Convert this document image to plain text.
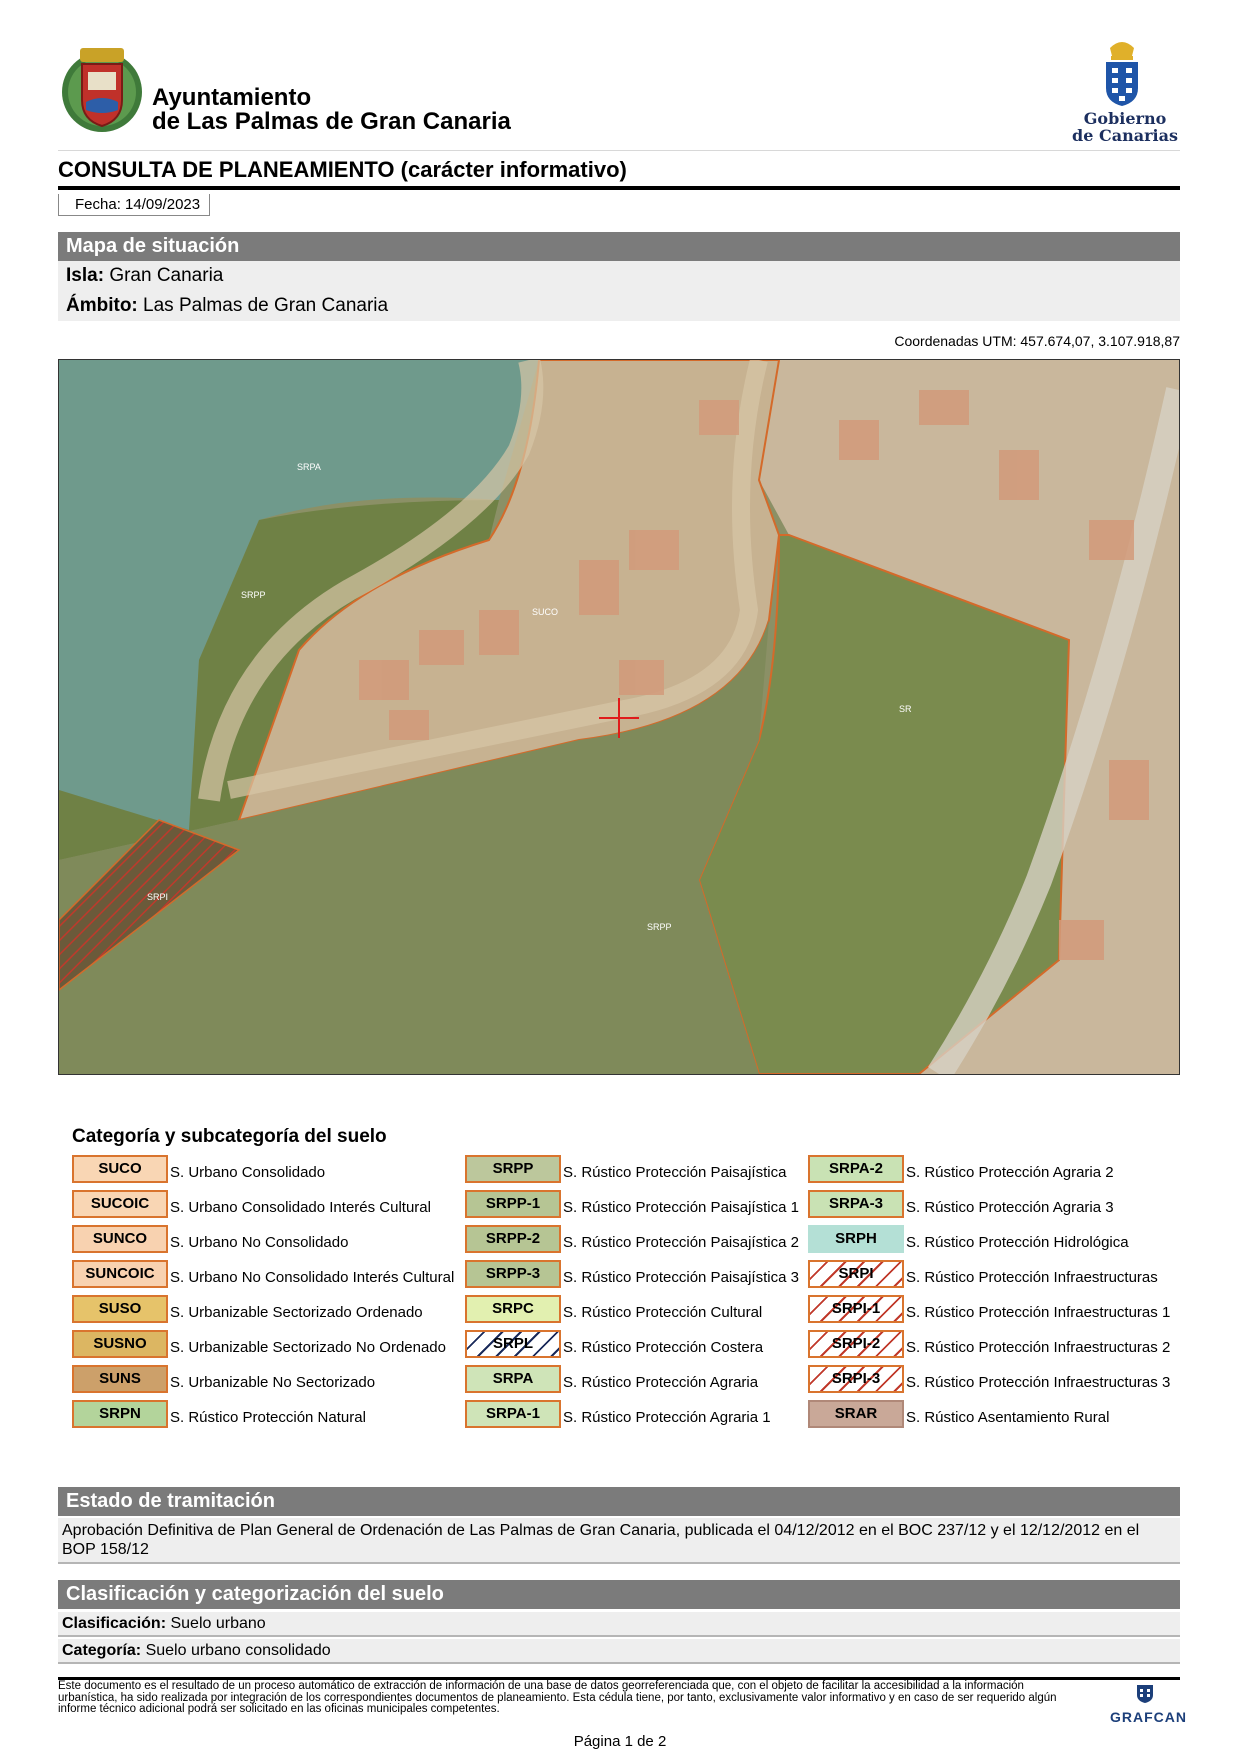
Ayuntamiento
de Las Palmas de Gran Canaria	Gobierno
de Canarias
CONSULTA DE PLANEAMIENTO (carácter informativo)
Fecha: 14/09/2023
Mapa de situación
Isla: Gran Canaria
Ámbito: Las Palmas de Gran Canaria
Coordenadas UTM: 457.674,07, 3.107.918,87
SRPA
SRPP
SUCO
SR
SRPI
SRPP
Categoría y subcategoría del suelo
SUCO	S. Urbano Consolidado
SUCOIC	S. Urbano Consolidado Interés Cultural
SUNCO	S. Urbano No Consolidado
SUNCOIC	S. Urbano No Consolidado Interés Cultural
SUSO	S. Urbanizable Sectorizado Ordenado
SUSNO	S. Urbanizable Sectorizado No Ordenado
SUNS	S. Urbanizable No Sectorizado
SRPN	S. Rústico Protección Natural
SRPP	S. Rústico Protección Paisajística
SRPP-1	S. Rústico Protección Paisajística 1
SRPP-2	S. Rústico Protección Paisajística 2
SRPP-3	S. Rústico Protección Paisajística 3
SRPC	S. Rústico Protección Cultural
SRPL	S. Rústico Protección Costera
SRPA	S. Rústico Protección Agraria
SRPA-1	S. Rústico Protección Agraria 1
SRPA-2	S. Rústico Protección Agraria 2
SRPA-3	S. Rústico Protección Agraria 3
SRPH	S. Rústico Protección Hidrológica
SRPI	S. Rústico Protección Infraestructuras
SRPI-1	S. Rústico Protección Infraestructuras 1
SRPI-2	S. Rústico Protección Infraestructuras 2
SRPI-3	S. Rústico Protección Infraestructuras 3
SRAR	S. Rústico Asentamiento Rural
Estado de tramitación
Aprobación Definitiva de Plan General de Ordenación de Las Palmas de Gran Canaria, publicada el 04/12/2012 en el BOC 237/12 y el 12/12/2012 en el BOP 158/12
Clasificación y categorización del suelo
Clasificación: Suelo urbano
Categoría: Suelo urbano consolidado
Este documento es el resultado de un proceso automático de extracción de información de una base de datos georreferenciada que, con el objeto de facilitar la accesibilidad a la información urbanística, ha sido realizada por integración de los correspondientes documentos de planeamiento. Esta cédula tiene, por tanto, exclusivamente valor informativo y en caso de ser requerido algún informe técnico adicional podrá ser solicitado en las oficinas municipales competentes.	GRAFCAN
Página 1 de 2
